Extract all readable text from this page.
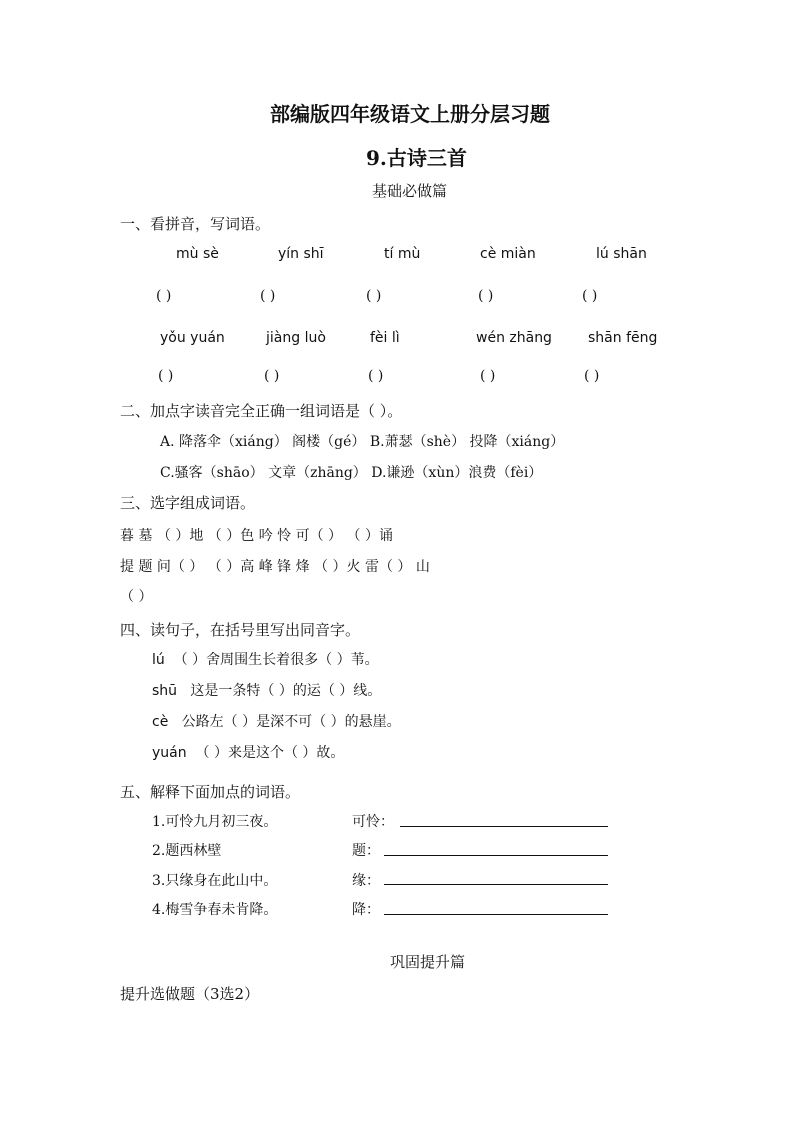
部编版四年级语文上册分层习题
9.古诗三首
基础必做篇
一、看拼音，写词语。
mù sè	yín shī	tí mù	cè miàn	lú shān
( )	( )	( )	( )	( )
yǒu yuán	jiàng luò	fèi lì	wén zhāng	shān fēng
( )	( )	( )	( )	( )
二、加点字读音完全正确一组词语是（ ）。
A. 降落伞（xiáng） 阁楼（gé） B.萧瑟（shè） 投降（xiáng）
C.骚客（shāo） 文章（zhāng） D.谦逊（xùn）浪费（fèi）
三、选字组成词语。
暮 墓 （ ）地 （ ）色 吟 怜 可（ ） （ ）诵
提 题 问（ ） （ ）高 峰 锋 烽 （ ）火 雷（ ） 山
（ ）
四、读句子，在括号里写出同音字。
lú （ ）舍周围生长着很多（ ）苇。
shū 这是一条特（ ）的运（ ）线。
cè 公路左（ ）是深不可（ ）的悬崖。
yuán （ ）来是这个（ ）故。
五、解释下面加点的词语。
1.可怜九月初三夜。	可怜：
2.题西林壁	题：
3.只缘身在此山中。	缘：
4.梅雪争春未肯降。	降：
巩固提升篇
提升选做题（3选2）
